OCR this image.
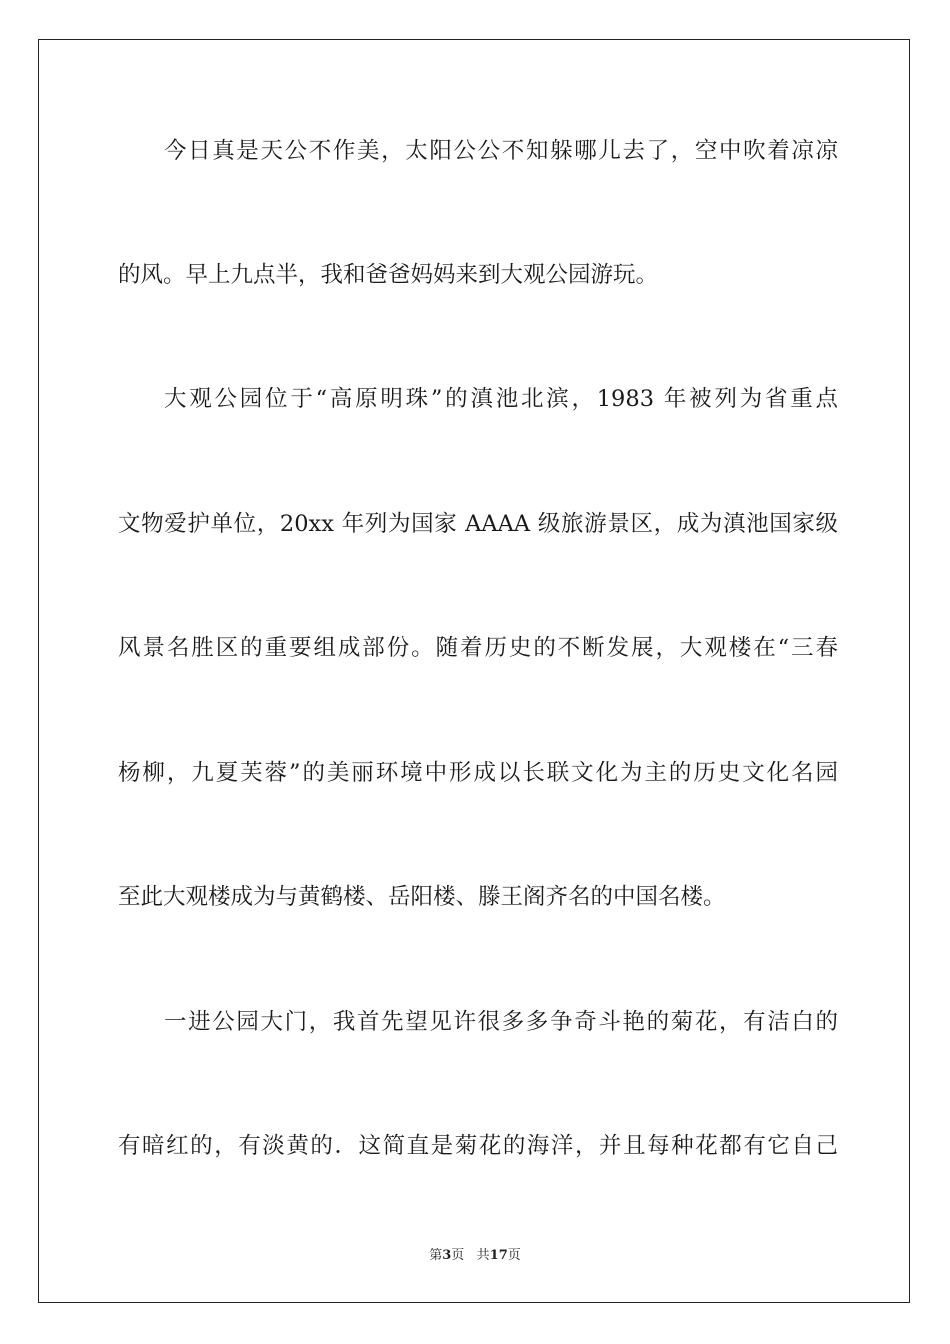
今日真是天公不作美，太阳公公不知躲哪儿去了，空中吹着凉凉
的风。早上九点半，我和爸爸妈妈来到大观公园游玩。
大观公园位于“高原明珠”的滇池北滨，1983 年被列为省重点
文物爱护单位，20xx 年列为国家 AAAA 级旅游景区，成为滇池国家级
风景名胜区的重要组成部份。随着历史的不断发展，大观楼在“三春
杨柳，九夏芙蓉”的美丽环境中形成以长联文化为主的历史文化名园
至此大观楼成为与黄鹤楼、岳阳楼、滕王阁齐名的中国名楼。
一进公园大门，我首先望见许很多多争奇斗艳的菊花，有洁白的
有暗红的，有淡黄的．这简直是菊花的海洋，并且每种花都有它自己
第3页 共17页
